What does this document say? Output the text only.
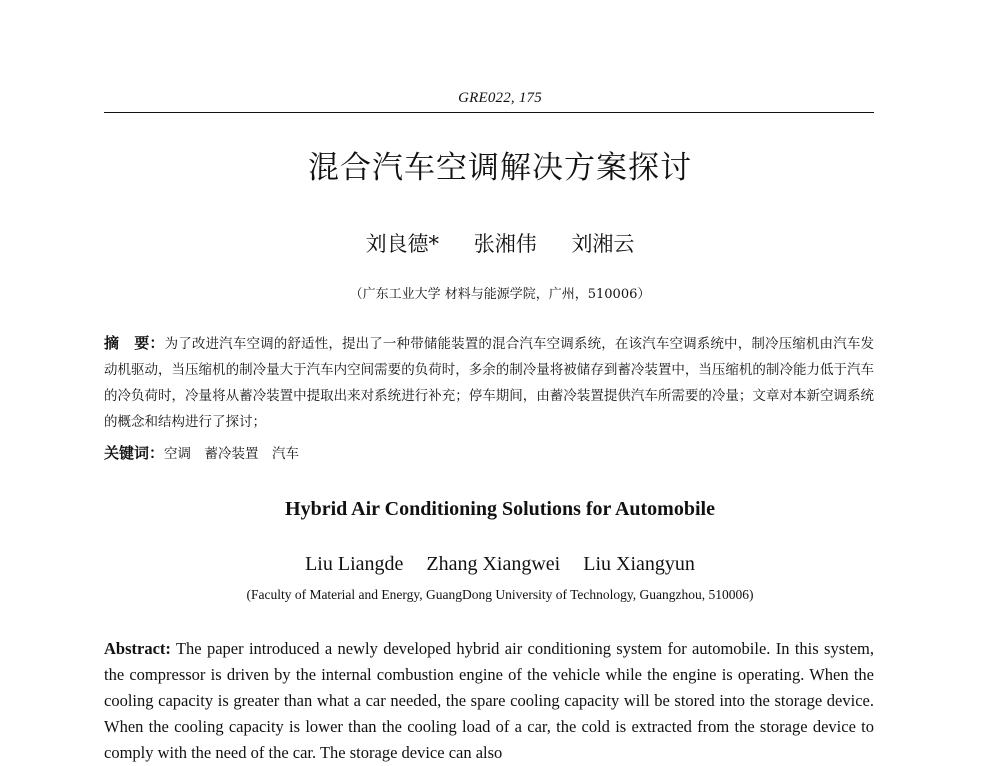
GRE022, 175
混合汽车空调解决方案探讨
刘良德* 张湘伟 刘湘云
（广东工业大学 材料与能源学院，广州，510006）
摘　要：为了改进汽车空调的舒适性，提出了一种带储能装置的混合汽车空调系统，在该汽车空调系统中，制冷压缩机由汽车发动机驱动，当压缩机的制冷量大于汽车内空间需要的负荷时，多余的制冷量将被储存到蓄冷装置中，当压缩机的制冷能力低于汽车的冷负荷时，冷量将从蓄冷装置中提取出来对系统进行补充；停车期间，由蓄冷装置提供汽车所需要的冷量；文章对本新空调系统的概念和结构进行了探讨；
关键词：空调　蓄冷装置　汽车
Hybrid Air Conditioning Solutions for Automobile
Liu Liangde Zhang Xiangwei Liu Xiangyun
(Faculty of Material and Energy, GuangDong University of Technology, Guangzhou, 510006)
Abstract: The paper introduced a newly developed hybrid air conditioning system for automobile. In this system, the compressor is driven by the internal combustion engine of the vehicle while the engine is operating. When the cooling capacity is greater than what a car needed, the spare cooling capacity will be stored into the storage device. When the cooling capacity is lower than the cooling load of a car, the cold is extracted from the storage device to comply with the need of the car. The storage device can also
